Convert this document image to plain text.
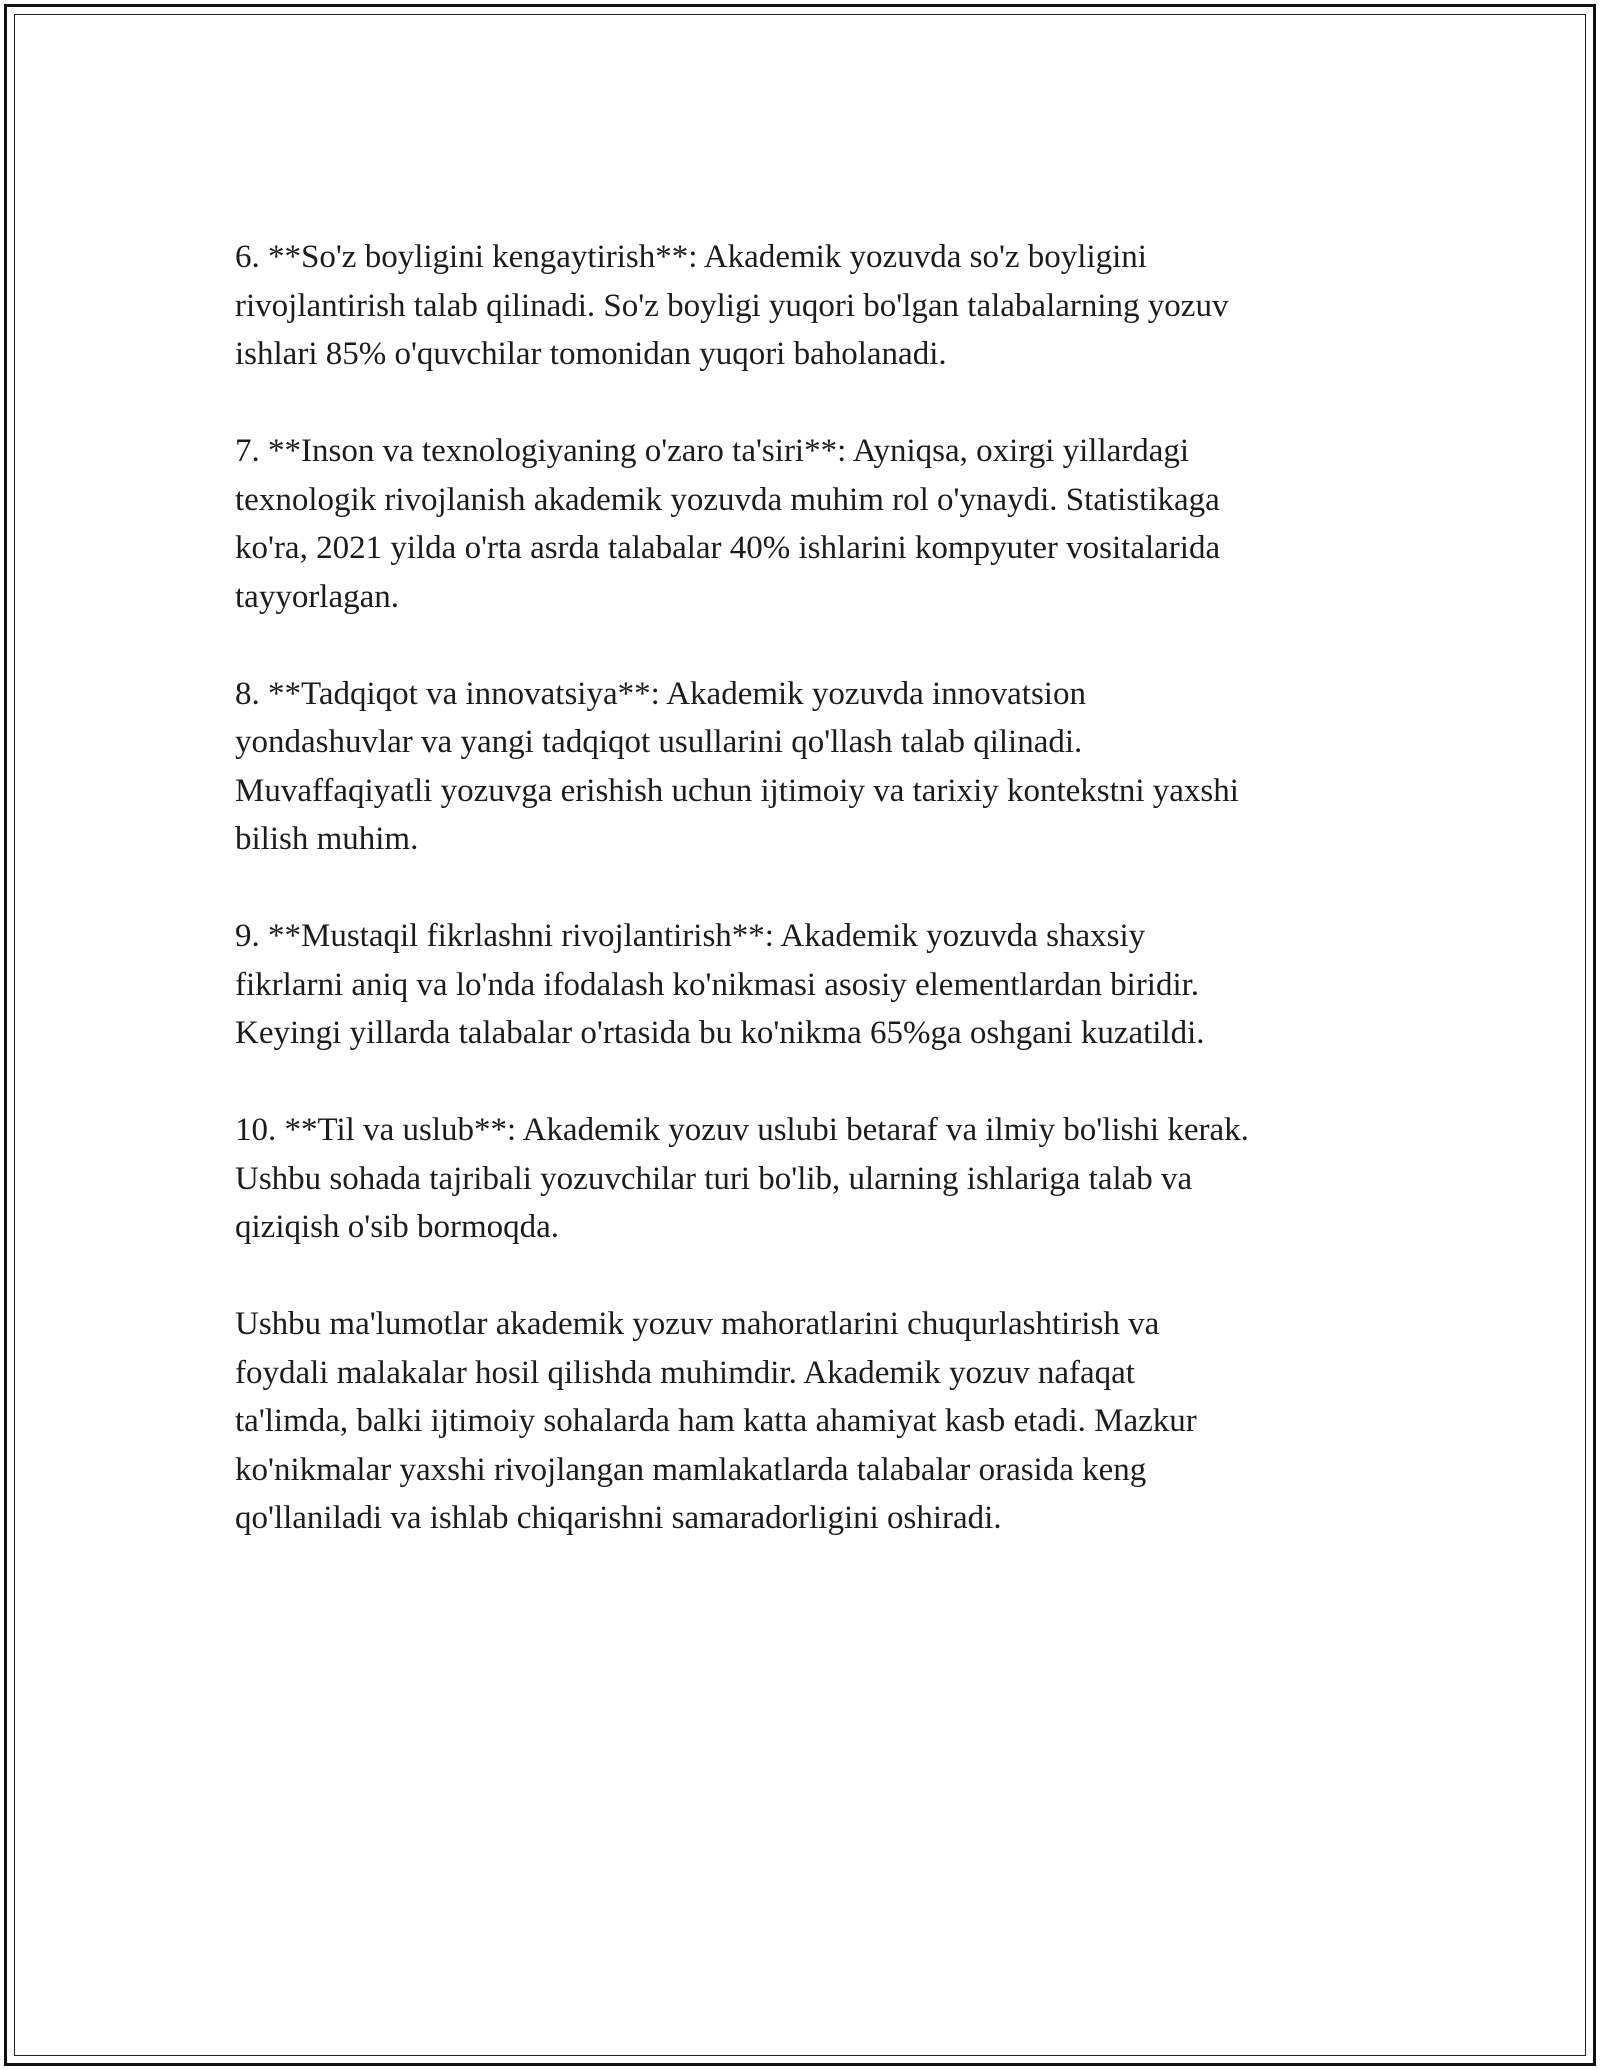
6. **So'z boyligini kengaytirish**: Akademik yozuvda so'z boyligini
rivojlantirish talab qilinadi. So'z boyligi yuqori bo'lgan talabalarning yozuv
ishlari 85% o'quvchilar tomonidan yuqori baholanadi.

7. **Inson va texnologiyaning o'zaro ta'siri**: Ayniqsa, oxirgi yillardagi
texnologik rivojlanish akademik yozuvda muhim rol o'ynaydi. Statistikaga
ko'ra, 2021 yilda o'rta asrda talabalar 40% ishlarini kompyuter vositalarida
tayyorlagan.

8. **Tadqiqot va innovatsiya**: Akademik yozuvda innovatsion
yondashuvlar va yangi tadqiqot usullarini qo'llash talab qilinadi.
Muvaffaqiyatli yozuvga erishish uchun ijtimoiy va tarixiy kontekstni yaxshi
bilish muhim.

9. **Mustaqil fikrlashni rivojlantirish**: Akademik yozuvda shaxsiy
fikrlarni aniq va lo'nda ifodalash ko'nikmasi asosiy elementlardan biridir.
Keyingi yillarda talabalar o'rtasida bu ko'nikma 65%ga oshgani kuzatildi.

10. **Til va uslub**: Akademik yozuv uslubi betaraf va ilmiy bo'lishi kerak.
Ushbu sohada tajribali yozuvchilar turi bo'lib, ularning ishlariga talab va
qiziqish o'sib bormoqda.

Ushbu ma'lumotlar akademik yozuv mahoratlarini chuqurlashtirish va
foydali malakalar hosil qilishda muhimdir. Akademik yozuv nafaqat
ta'limda, balki ijtimoiy sohalarda ham katta ahamiyat kasb etadi. Mazkur
ko'nikmalar yaxshi rivojlangan mamlakatlarda talabalar orasida keng
qo'llaniladi va ishlab chiqarishni samaradorligini oshiradi.
